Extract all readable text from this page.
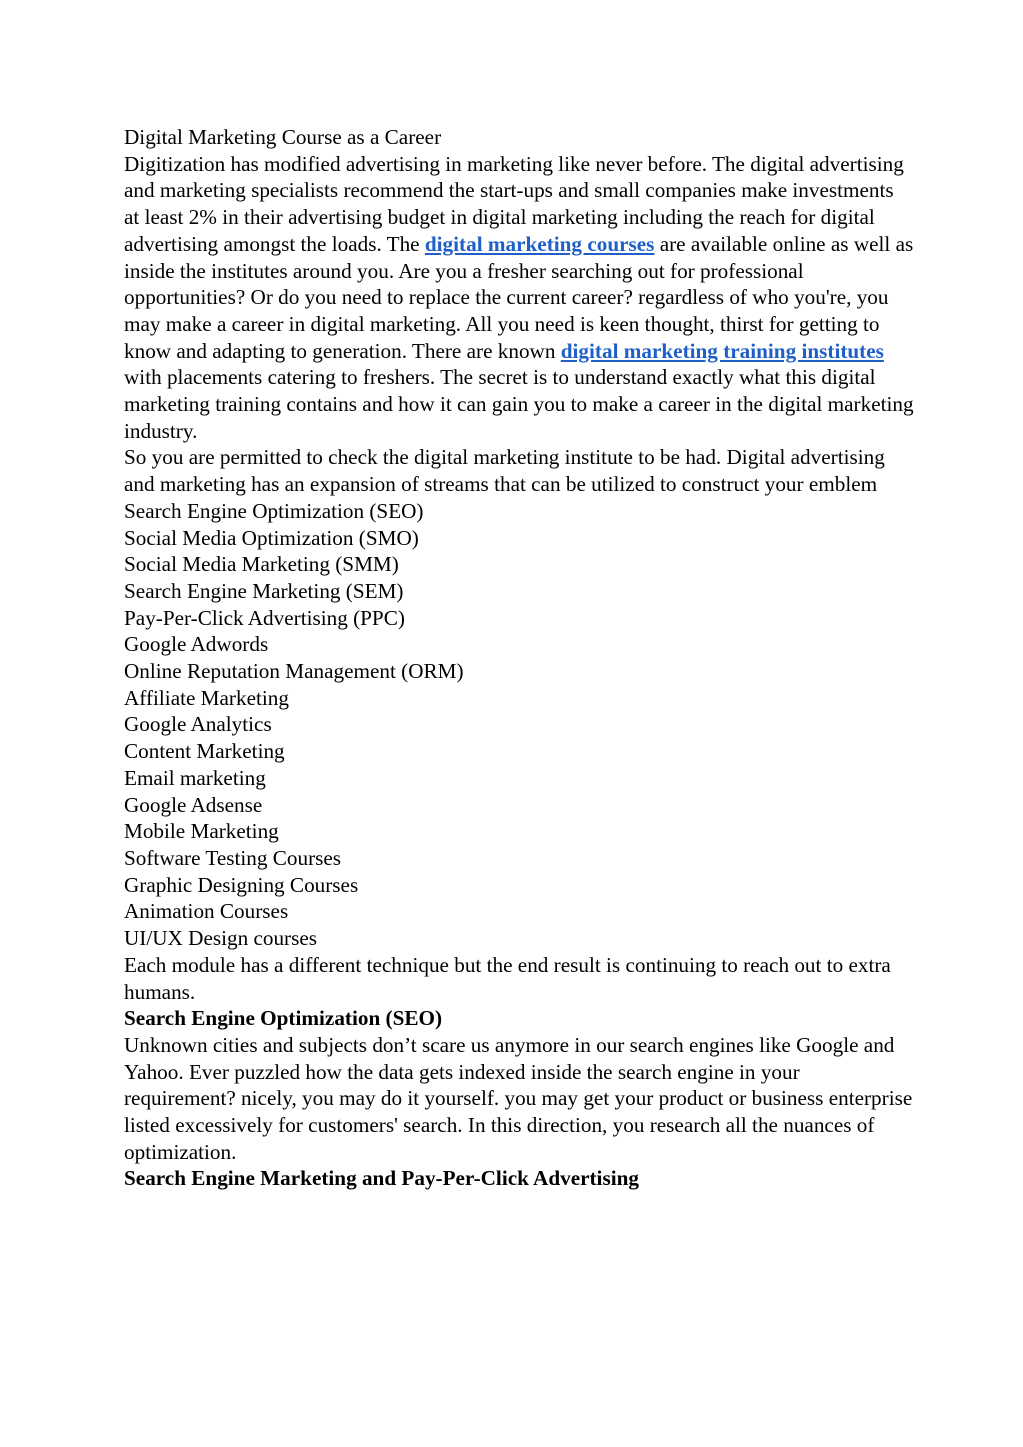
Digital Marketing Course as a Career

Digitization has modified advertising in marketing like never before. The digital advertising and marketing specialists recommend the start-ups and small companies make investments at least 2% in their advertising budget in digital marketing including the reach for digital advertising amongst the loads. The digital marketing courses are available online as well as inside the institutes around you. Are you a fresher searching out for professional opportunities? Or do you need to replace the current career? regardless of who you're, you may make a career in digital marketing. All you need is keen thought, thirst for getting to know and adapting to generation. There are known digital marketing training institutes with placements catering to freshers. The secret is to understand exactly what this digital marketing training contains and how it can gain you to make a career in the digital marketing industry.

So you are permitted to check the digital marketing institute to be had. Digital advertising and marketing has an expansion of streams that can be utilized to construct your emblem

Search Engine Optimization (SEO)
Social Media Optimization (SMO)
Social Media Marketing (SMM)
Search Engine Marketing (SEM)
Pay-Per-Click Advertising (PPC)
Google Adwords
Online Reputation Management (ORM)
Affiliate Marketing
Google Analytics
Content Marketing
Email marketing
Google Adsense
Mobile Marketing
Software Testing Courses
Graphic Designing Courses
Animation Courses
UI/UX Design courses

Each module has a different technique but the end result is continuing to reach out to extra humans.

Search Engine Optimization (SEO)

Unknown cities and subjects don’t scare us anymore in our search engines like Google and Yahoo. Ever puzzled how the data gets indexed inside the search engine in your requirement? nicely, you may do it yourself. you may get your product or business enterprise listed excessively for customers' search. In this direction, you research all the nuances of optimization.

Search Engine Marketing and Pay-Per-Click Advertising
